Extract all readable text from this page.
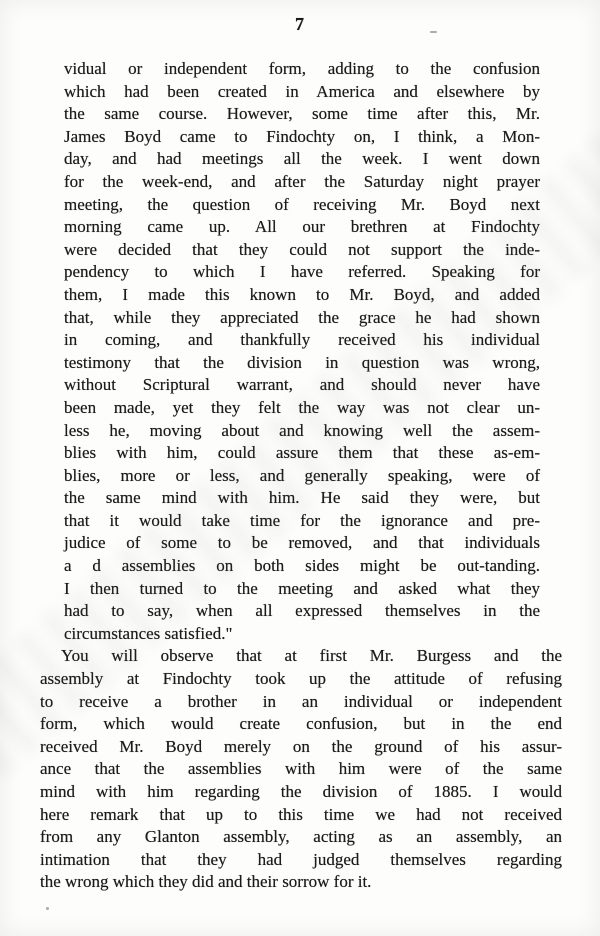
7
vidual or independent form, adding to the confusion
which had been created in America and elsewhere by
the same course. However, some time after this, Mr.
James Boyd came to Findochty on, I think, a Mon-
day, and had meetings all the week. I went down
for the week-end, and after the Saturday night prayer
meeting, the question of receiving Mr. Boyd next
morning came up. All our brethren at Findochty
were decided that they could not support the inde-
pendency to which I have referred. Speaking for
them, I made this known to Mr. Boyd, and added
that, while they appreciated the grace he had shown
in coming, and thankfully received his individual
testimony that the division in question was wrong,
without Scriptural warrant, and should never have
been made, yet they felt the way was not clear un-
less he, moving about and knowing well the assem-
blies with him, could assure them that these as-em-
blies, more or less, and generally speaking, were of
the same mind with him. He said they were, but
that it would take time for the ignorance and pre-
judice of some to be removed, and that individuals
a d assemblies on both sides might be out-tanding.
I then turned to the meeting and asked what they
had to say, when all expressed themselves in the
circumstances satisfied."
You will observe that at first Mr. Burgess and the
assembly at Findochty took up the attitude of refusing
to receive a brother in an individual or independent
form, which would create confusion, but in the end
received Mr. Boyd merely on the ground of his assur-
ance that the assemblies with him were of the same
mind with him regarding the division of 1885. I would
here remark that up to this time we had not received
from any Glanton assembly, acting as an assembly, an
intimation that they had judged themselves regarding
the wrong which they did and their sorrow for it.
